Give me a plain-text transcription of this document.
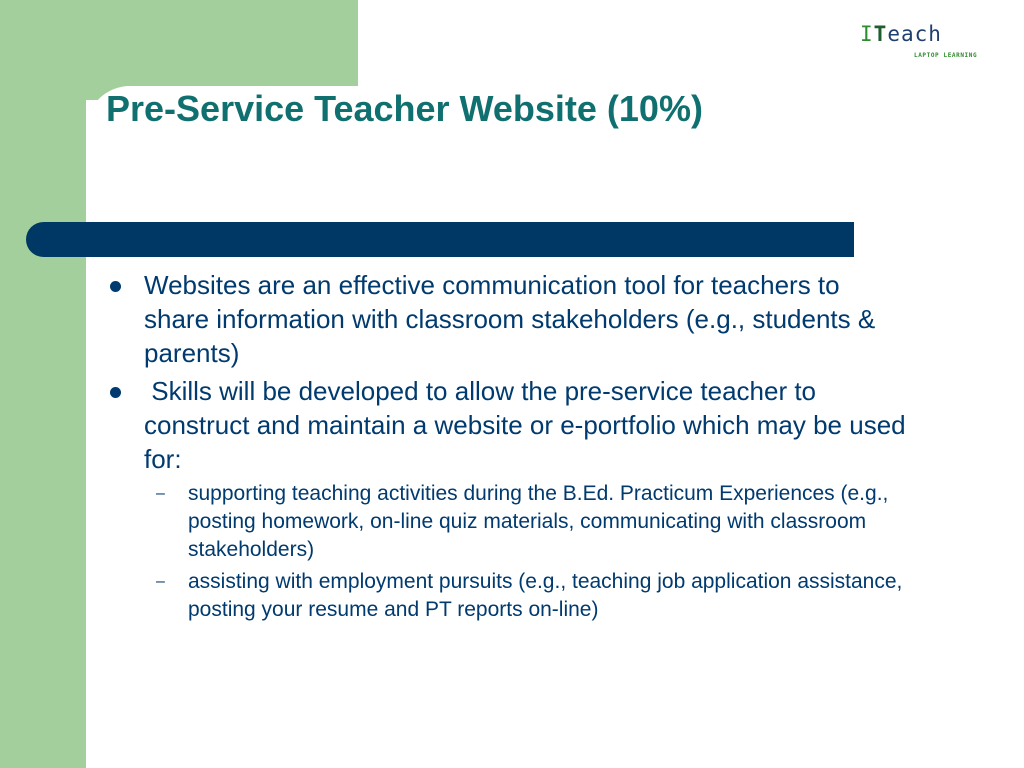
ITeach
LAPTOP LEARNING
Pre-Service Teacher Website (10%)
Websites are an effective communication tool for teachers to share information with classroom stakeholders (e.g., students & parents)
Skills will be developed to allow the pre-service teacher to construct and maintain a website or e-portfolio which may be used for:
– supporting teaching activities during the B.Ed. Practicum Experiences (e.g., posting homework, on-line quiz materials, communicating with classroom stakeholders)
– assisting with employment pursuits (e.g., teaching job application assistance, posting your resume and PT reports on-line)
